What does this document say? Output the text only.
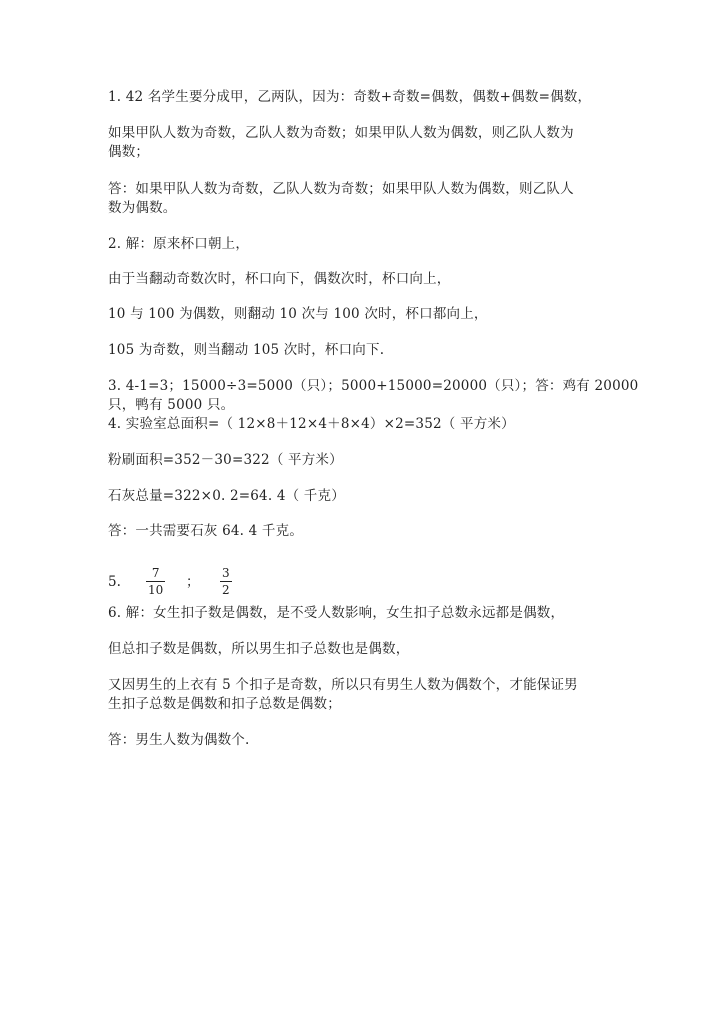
1. 42 名学生要分成甲，乙两队，因为：奇数+奇数=偶数，偶数+偶数=偶数，
如果甲队人数为奇数，乙队人数为奇数；如果甲队人数为偶数，则乙队人数为
偶数；
答：如果甲队人数为奇数，乙队人数为奇数；如果甲队人数为偶数，则乙队人
数为偶数。
2. 解：原来杯口朝上，
由于当翻动奇数次时，杯口向下，偶数次时，杯口向上，
10 与 100 为偶数，则翻动 10 次与 100 次时，杯口都向上，
105 为奇数，则当翻动 105 次时，杯口向下.
3. 4-1=3；15000÷3=5000（只）；5000+15000=20000（只）；答：鸡有 20000
只，鸭有 5000 只。
4. 实验室总面积=（ 12×8＋12×4＋8×4）×2=352（ 平方米）
粉刷面积=352－30=322（ 平方米）
石灰总量=322×0. 2=64. 4（ 千克）
答：一共需要石灰 64. 4 千克。
5.
7
10 ；
3
2
6. 解：女生扣子数是偶数，是不受人数影响，女生扣子总数永远都是偶数，
但总扣子数是偶数，所以男生扣子总数也是偶数，
又因男生的上衣有 5 个扣子是奇数，所以只有男生人数为偶数个，才能保证男
生扣子总数是偶数和扣子总数是偶数；
答：男生人数为偶数个.
